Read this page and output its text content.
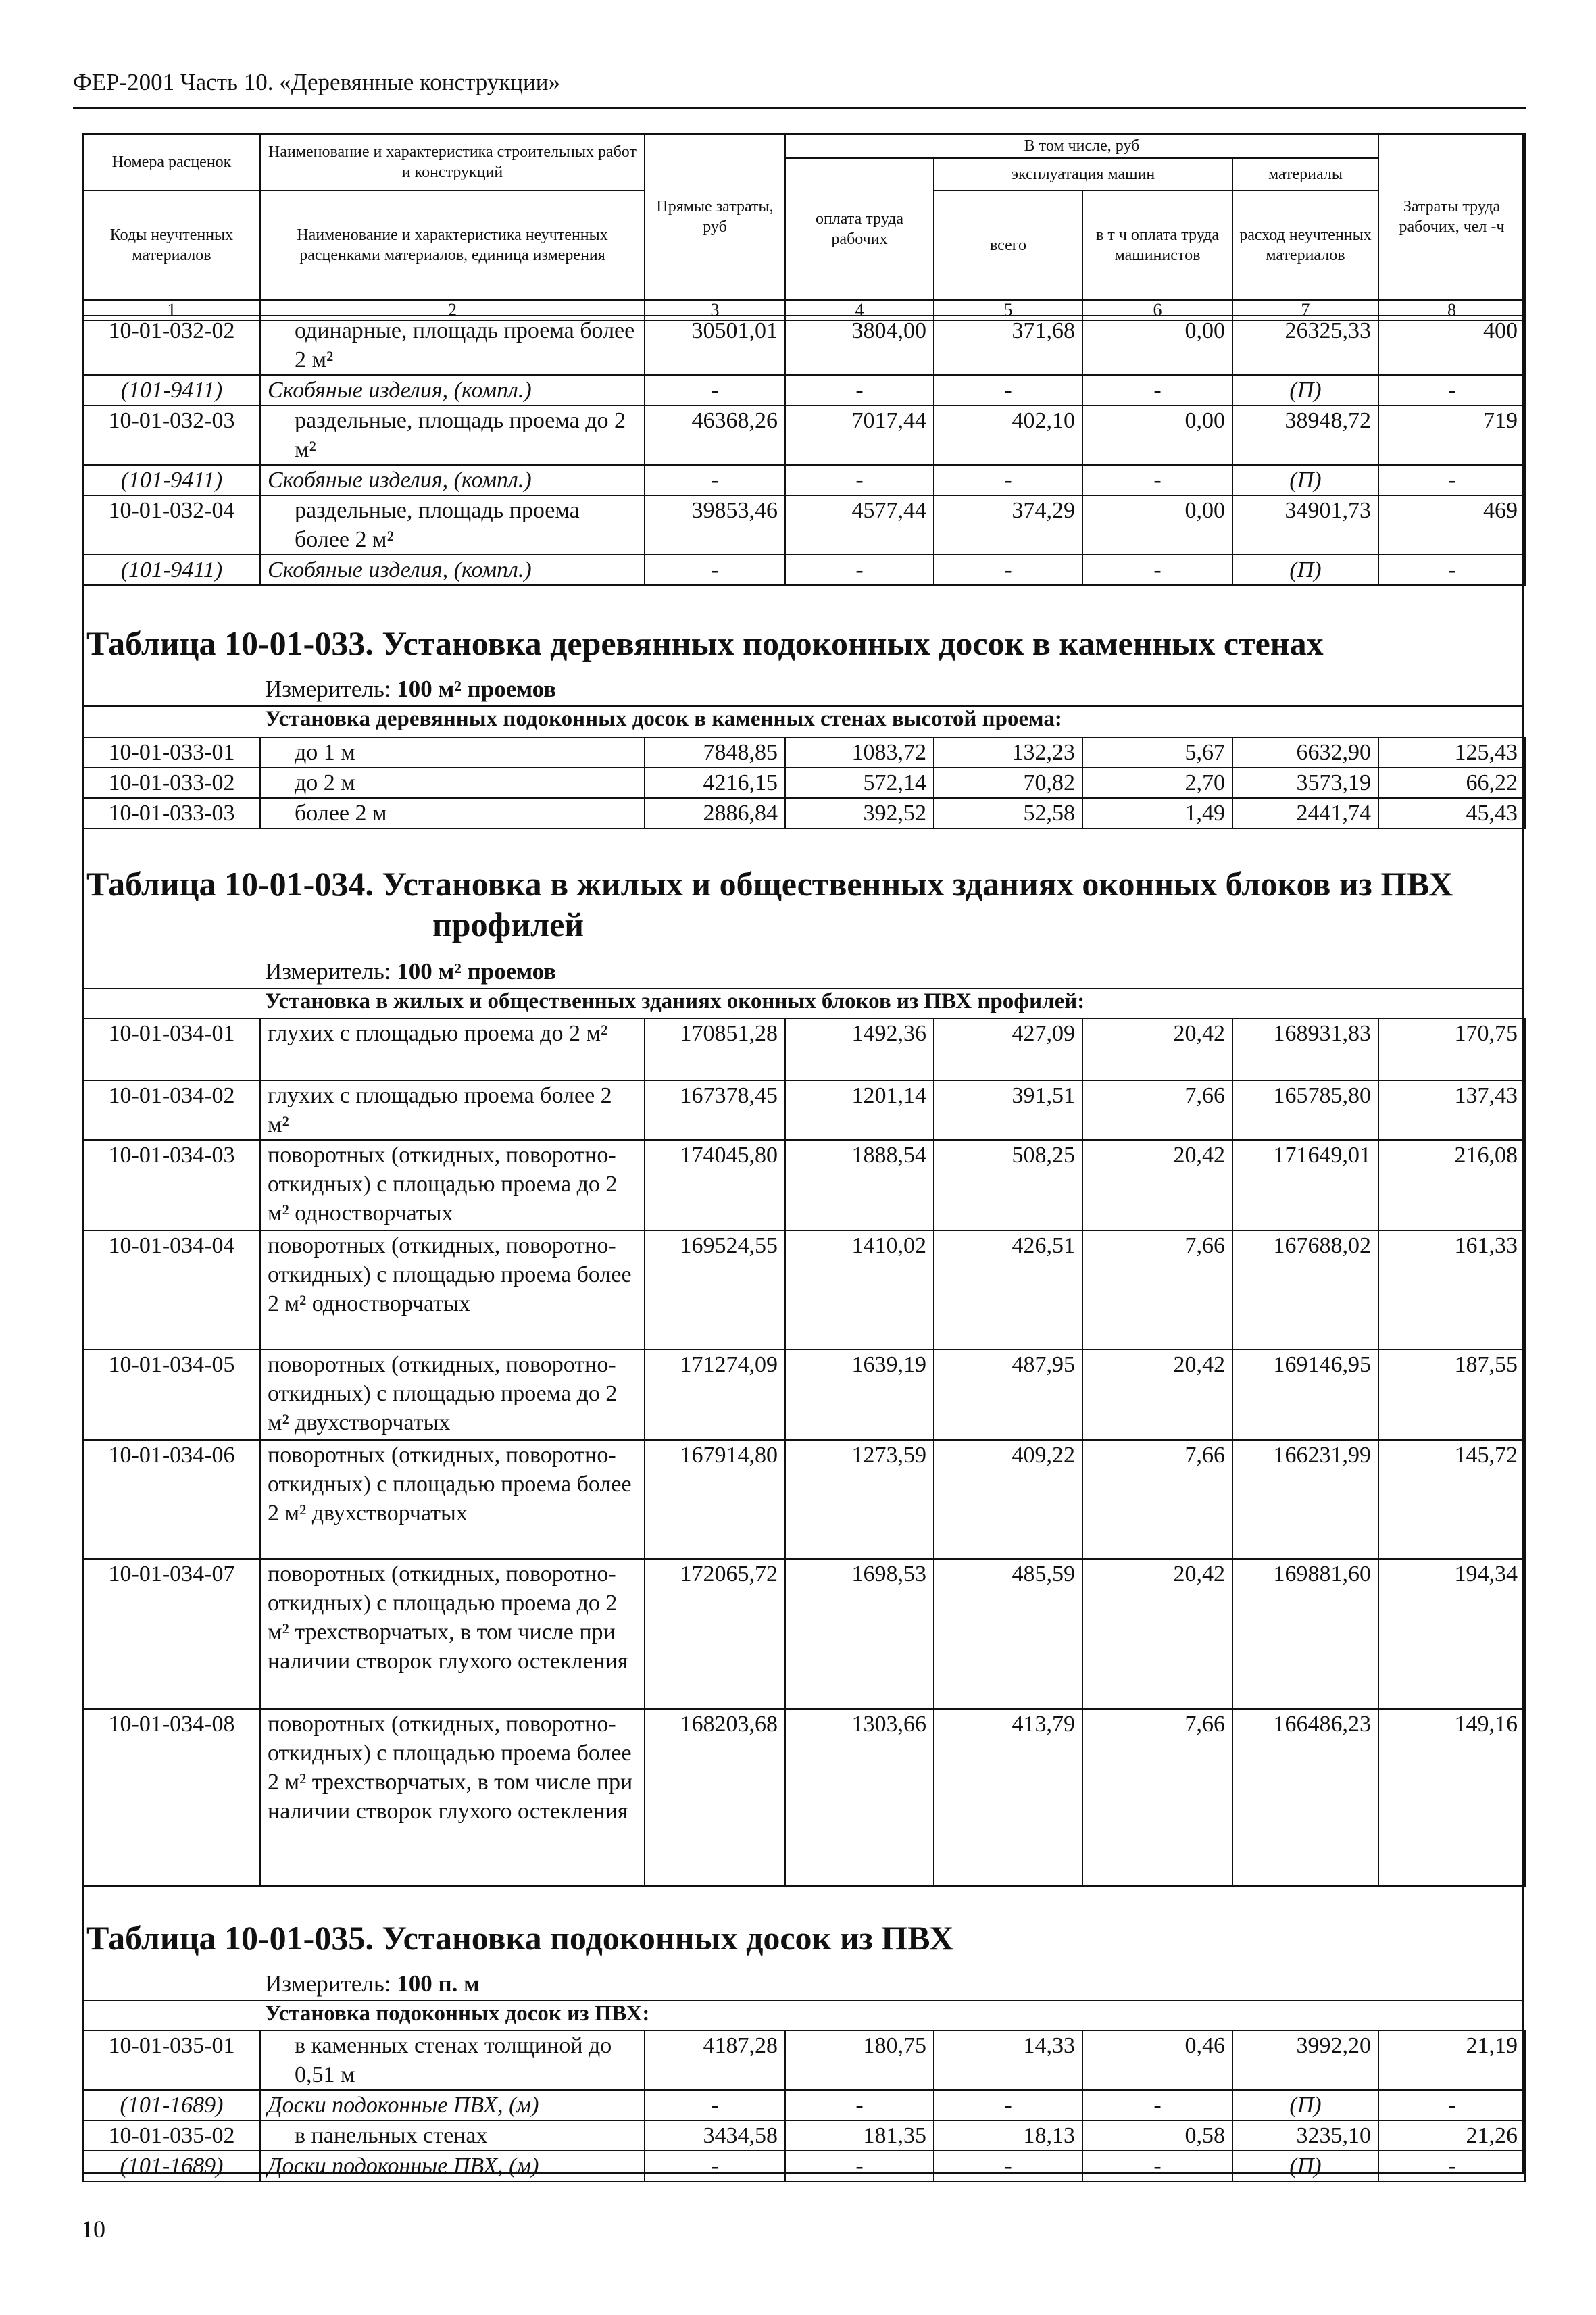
ФЕР-2001 Часть 10. «Деревянные конструкции»
Номера расценок	Наименование и характеристика строительных работ и конструкций	Прямые затраты, руб	В том числе, руб				Затраты труда рабочих, чел -ч
			оплата труда рабочих	эксплуатация машин		материалы	
Коды неучтенных материалов	Наименование и характеристика неучтенных расценками материалов, единица измерения			всего	в т ч оплата труда машинистов	расход неучтенных материалов	

1	2	3	4	5	6	7	8
10-01-032-02	одинарные, площадь проема более 2 м²	30501,01	3804,00	371,68	0,00	26325,33	400
(101-9411)	Скобяные изделия, (компл.)	-	-	-	-	(П)	-
10-01-032-03	раздельные, площадь проема до 2 м²	46368,26	7017,44	402,10	0,00	38948,72	719
(101-9411)	Скобяные изделия, (компл.)	-	-	-	-	(П)	-
10-01-032-04	раздельные, площадь проема более 2 м²	39853,46	4577,44	374,29	0,00	34901,73	469
(101-9411)	Скобяные изделия, (компл.)	-	-	-	-	(П)	-
Таблица 10-01-033. Установка деревянных подоконных досок в каменных стенах
Измеритель: 100 м² проемов
Установка деревянных подоконных досок в каменных стенах высотой проема:
10-01-033-01	до 1 м	7848,85	1083,72	132,23	5,67	6632,90	125,43
10-01-033-02	до 2 м	4216,15	572,14	70,82	2,70	3573,19	66,22
10-01-033-03	более 2 м	2886,84	392,52	52,58	1,49	2441,74	45,43
Таблица 10-01-034. Установка в жилых и общественных зданиях оконных блоков из ПВХ
профилей
Измеритель: 100 м² проемов
Установка в жилых и общественных зданиях оконных блоков из ПВХ профилей:
10-01-034-01	глухих с площадью проема до 2 м²	170851,28	1492,36	427,09	20,42	168931,83	170,75
10-01-034-02	глухих с площадью проема более 2 м²	167378,45	1201,14	391,51	7,66	165785,80	137,43
10-01-034-03	поворотных (откидных, поворотно-откидных) с площадью проема до 2 м² одностворчатых	174045,80	1888,54	508,25	20,42	171649,01	216,08
10-01-034-04	поворотных (откидных, поворотно-откидных) с площадью проема более 2 м² одностворчатых	169524,55	1410,02	426,51	7,66	167688,02	161,33
10-01-034-05	поворотных (откидных, поворотно-откидных) с площадью проема до 2 м² двухстворчатых	171274,09	1639,19	487,95	20,42	169146,95	187,55
10-01-034-06	поворотных (откидных, поворотно-откидных) с площадью проема более 2 м² двухстворчатых	167914,80	1273,59	409,22	7,66	166231,99	145,72
10-01-034-07	поворотных (откидных, поворотно-откидных) с площадью проема до 2 м² трехстворчатых, в том числе при наличии створок глухого остекления	172065,72	1698,53	485,59	20,42	169881,60	194,34
10-01-034-08	поворотных (откидных, поворотно-откидных) с площадью проема более 2 м² трехстворчатых, в том числе при наличии створок глухого остекления	168203,68	1303,66	413,79	7,66	166486,23	149,16
Таблица 10-01-035. Установка подоконных досок из ПВХ
Измеритель: 100 п. м
Установка подоконных досок из ПВХ:
10-01-035-01	в каменных стенах толщиной до 0,51 м	4187,28	180,75	14,33	0,46	3992,20	21,19
(101-1689)	Доски подоконные ПВХ, (м)	-	-	-	-	(П)	-
10-01-035-02	в панельных стенах	3434,58	181,35	18,13	0,58	3235,10	21,26
(101-1689)	Доски подоконные ПВХ, (м)	-	-	-	-	(П)	-
10
